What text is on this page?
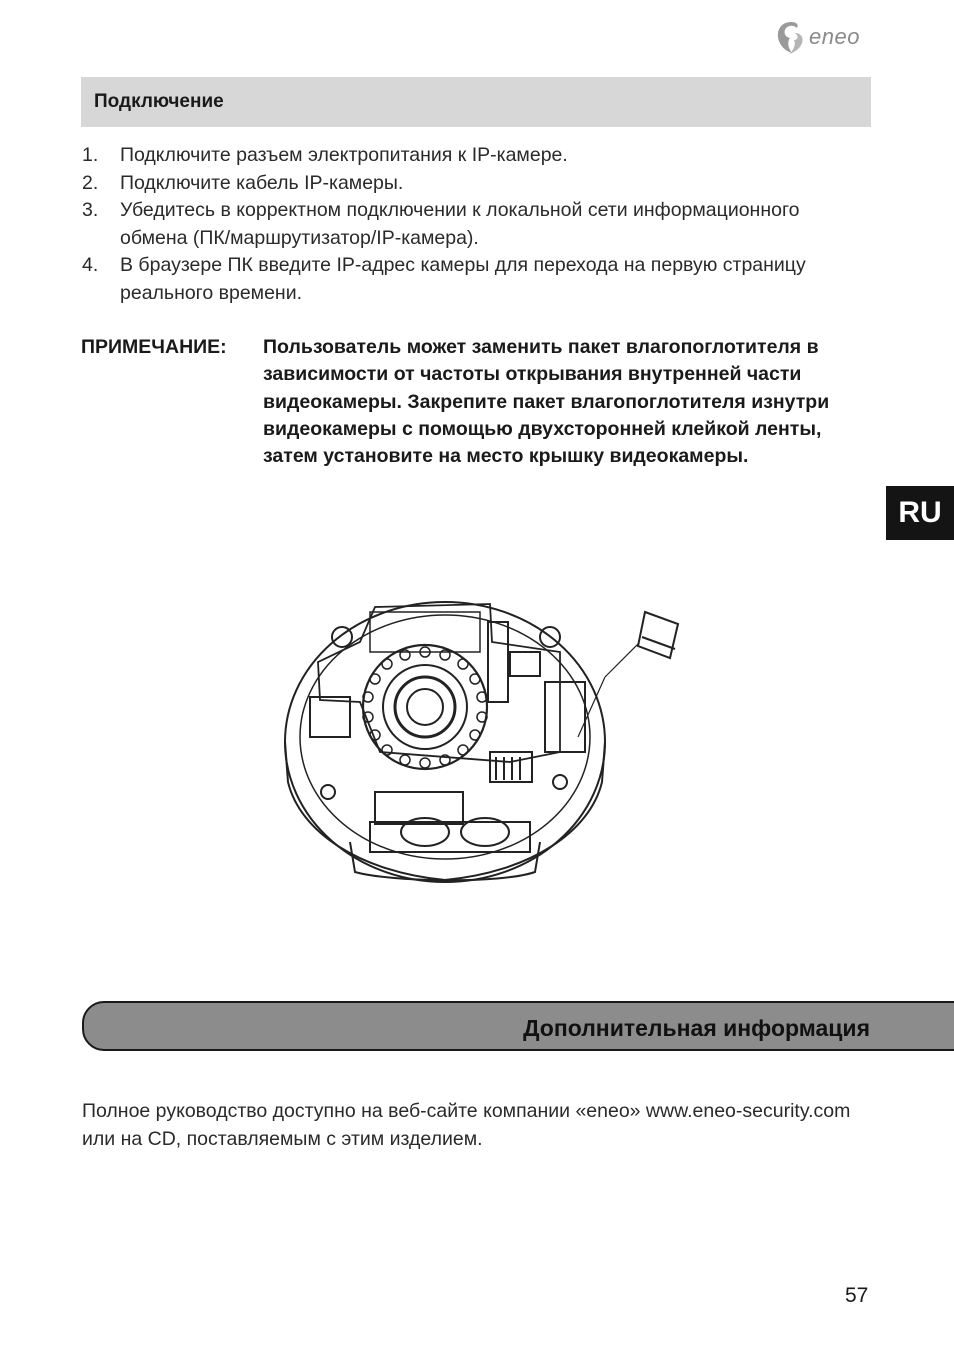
eneo
Подключение
1. Подключите разъем электропитания к IP-камере.
2. Подключите кабель IP-камеры.
3. Убедитесь в корректном подключении к локальной сети информационного обмена (ПК/маршрутизатор/IP-камера).
4. В браузере ПК введите IP-адрес камеры для перехода на первую страницу реального времени.
ПРИМЕЧАНИЕ: Пользователь может заменить пакет влагопоглотителя в зависимости от частоты открывания внутренней части видеокамеры. Закрепите пакет влагопоглотителя изнутри видеокамеры с помощью двухсторонней клейкой ленты, затем установите на место крышку видеокамеры.
RU
Дополнительная информация
Полное руководство доступно на веб-сайте компании «eneo» www.eneo-security.com или на CD, поставляемым с этим изделием.
57
